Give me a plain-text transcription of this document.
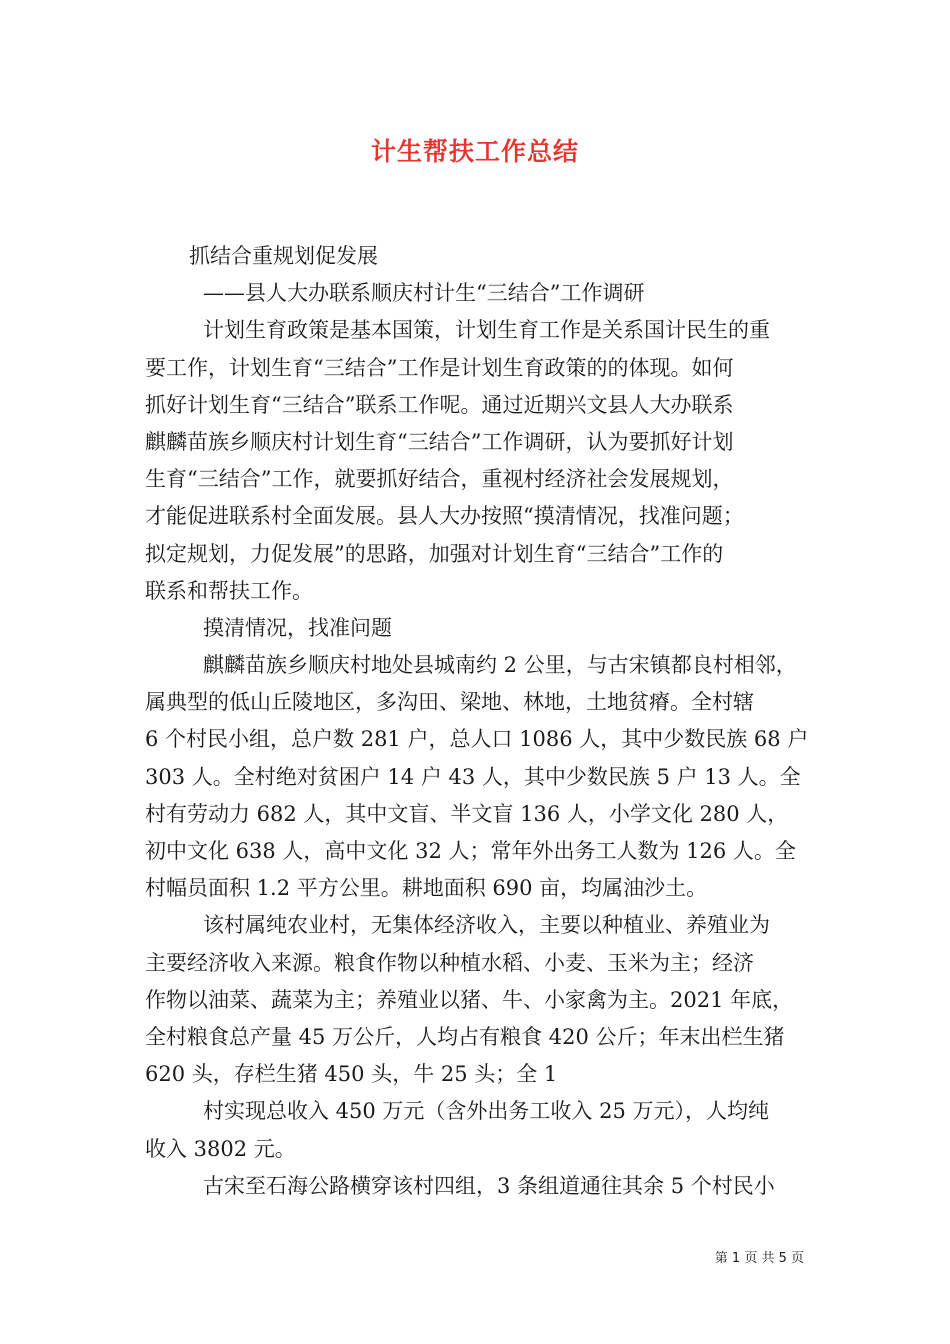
计生帮扶工作总结
抓结合重规划促发展
——县人大办联系顺庆村计生“三结合”工作调研
计划生育政策是基本国策，计划生育工作是关系国计民生的重
要工作，计划生育“三结合”工作是计划生育政策的的体现。如何
抓好计划生育“三结合”联系工作呢。通过近期兴文县人大办联系
麒麟苗族乡顺庆村计划生育“三结合”工作调研，认为要抓好计划
生育“三结合”工作，就要抓好结合，重视村经济社会发展规划，
才能促进联系村全面发展。县人大办按照“摸清情况，找准问题；
拟定规划，力促发展”的思路，加强对计划生育“三结合”工作的
联系和帮扶工作。
摸清情况，找准问题
麒麟苗族乡顺庆村地处县城南约 2 公里，与古宋镇都良村相邻，
属典型的低山丘陵地区，多沟田、梁地、林地，土地贫瘠。全村辖
6 个村民小组，总户数 281 户，总人口 1086 人，其中少数民族 68 户
303 人。全村绝对贫困户 14 户 43 人，其中少数民族 5 户 13 人。全
村有劳动力 682 人，其中文盲、半文盲 136 人，小学文化 280 人，
初中文化 638 人，高中文化 32 人；常年外出务工人数为 126 人。全
村幅员面积 1.2 平方公里。耕地面积 690 亩，均属油沙土。
该村属纯农业村，无集体经济收入，主要以种植业、养殖业为
主要经济收入来源。粮食作物以种植水稻、小麦、玉米为主；经济
作物以油菜、蔬菜为主；养殖业以猪、牛、小家禽为主。2021 年底，
全村粮食总产量 45 万公斤，人均占有粮食 420 公斤；年末出栏生猪
620 头，存栏生猪 450 头，牛 25 头；全 1
村实现总收入 450 万元（含外出务工收入 25 万元），人均纯
收入 3802 元。
古宋至石海公路横穿该村四组，3 条组道通往其余 5 个村民小
第 1 页 共 5 页
